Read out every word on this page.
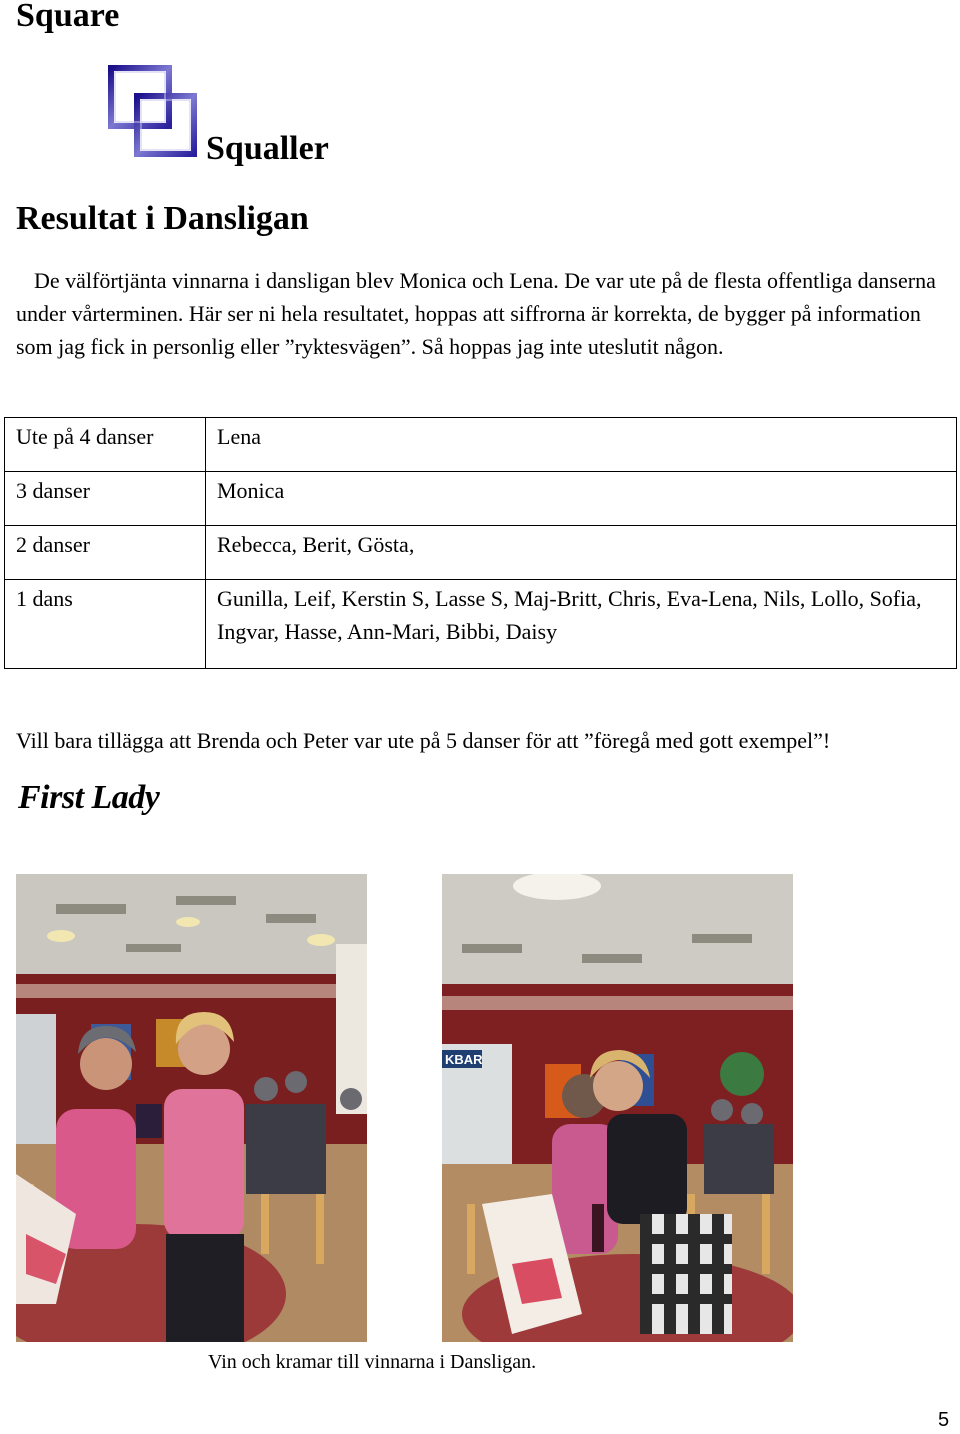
Square
Squaller
Resultat i Dansligan

De välförtjänta vinnarna i dansligan blev Monica och Lena. De var ute på de flesta offentliga danserna under vårterminen. Här ser ni hela resultatet, hoppas att siffrorna är korrekta, de bygger på information som jag fick in personlig eller ”ryktesvägen”. Så hoppas jag inte uteslutit någon.

Ute på 4 danser	Lena
3 danser	Monica
2 danser	Rebecca, Berit, Gösta,
1 dans	Gunilla, Leif, Kerstin S, Lasse S, Maj-Britt, Chris, Eva-Lena, Nils, Lollo, Sofia, Ingvar, Hasse, Ann-Mari, Bibbi, Daisy
Vill bara tillägga att Brenda och Peter var ute på 5 danser för att ”föregå med gott exempel”!
First Lady
KBAR
Vin och kramar till vinnarna i Dansligan.
5
